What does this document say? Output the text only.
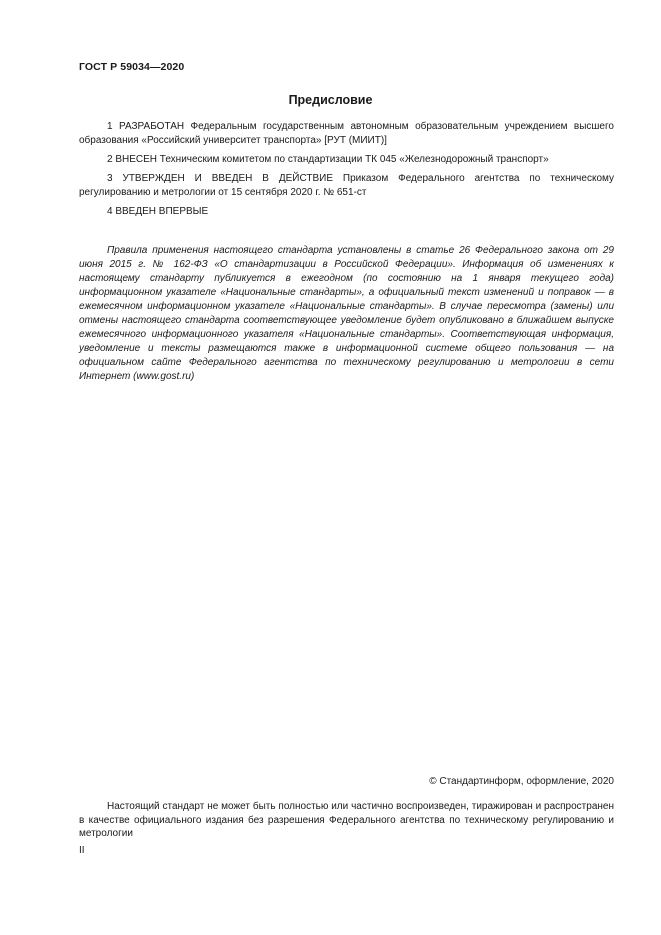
ГОСТ Р 59034—2020
Предисловие

1 РАЗРАБОТАН Федеральным государственным автономным образовательным учреждением высшего образования «Российский университет транспорта» [РУТ (МИИТ)]

2 ВНЕСЕН Техническим комитетом по стандартизации ТК 045 «Железнодорожный транспорт»

3 УТВЕРЖДЕН И ВВЕДЕН В ДЕЙСТВИЕ Приказом Федерального агентства по техническому регулированию и метрологии от 15 сентября 2020 г. № 651-ст

4 ВВЕДЕН ВПЕРВЫЕ

Правила применения настоящего стандарта установлены в статье 26 Федерального закона от 29 июня 2015 г. № 162-ФЗ «О стандартизации в Российской Федерации». Информация об изменениях к настоящему стандарту публикуется в ежегодном (по состоянию на 1 января текущего года) информационном указателе «Национальные стандарты», а официальный текст изменений и поправок — в ежемесячном информационном указателе «Национальные стандарты». В случае пересмотра (замены) или отмены настоящего стандарта соответствующее уведомление будет опубликовано в ближайшем выпуске ежемесячного информационного указателя «Национальные стандарты». Соответствующая информация, уведомление и тексты размещаются также в информационной системе общего пользования — на официальном сайте Федерального агентства по техническому регулированию и метрологии в сети Интернет (www.gost.ru)

© Стандартинформ, оформление, 2020

Настоящий стандарт не может быть полностью или частично воспроизведен, тиражирован и распространен в качестве официального издания без разрешения Федерального агентства по техническому регулированию и метрологии

II
